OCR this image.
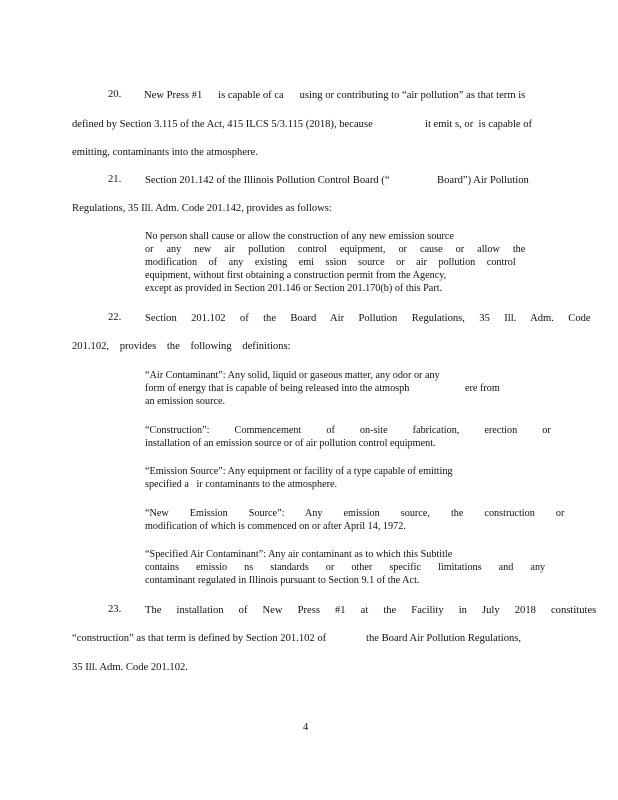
20. New Press #1      is capable of ca      using or contributing to “air pollution” as that term is
defined by Section 3.115 of the Act, 415 ILCS 5/3.115 (2018), because	it emit s, or  is capable of
emitting, contaminants into the atmosphere.
21. Section 201.142 of the Illinois Pollution Control Board (“	Board”) Air Pollution
Regulations, 35 Ill. Adm. Code 201.142, provides as follows:
No person shall cause or allow the construction of any new emission source
or any new air pollution control equipment, or cause or allow the
modification of any existing emi ssion source or air pollution control
equipment, without first obtaining a construction permit from the Agency,
except as provided in Section 201.146 or Section 201.170(b) of this Part.
22. Section 201.102 of the Board Air Pollution Regulations, 35 Ill. Adm. Code
201.102, provides the following definitions:
“Air Contaminant”: Any solid, liquid or gaseous matter, any odor or any
form of energy that is capable of being released into the atmosph	ere from
an emission source.
“Construction”: Commencement of on-site fabrication, erection or
installation of an emission source or of air pollution control equipment.
“Emission Source”: Any equipment or facility of a type capable of emitting
specified a   ir contaminants to the atmosphere.
“New Emission Source”: Any emission source, the construction or
modification of which is commenced on or after April 14, 1972.
“Specified Air Contaminant”: Any air contaminant as to which this Subtitle
contains emissio ns standards or other specific limitations and any
contaminant regulated in Illinois pursuant to Section 9.1 of the Act.
23. The installation of New Press #1 at the Facility in July 2018 constitutes
“construction” as that term is defined by Section 201.102 of	the Board Air Pollution Regulations,
35 Ill. Adm. Code 201.102.
4
